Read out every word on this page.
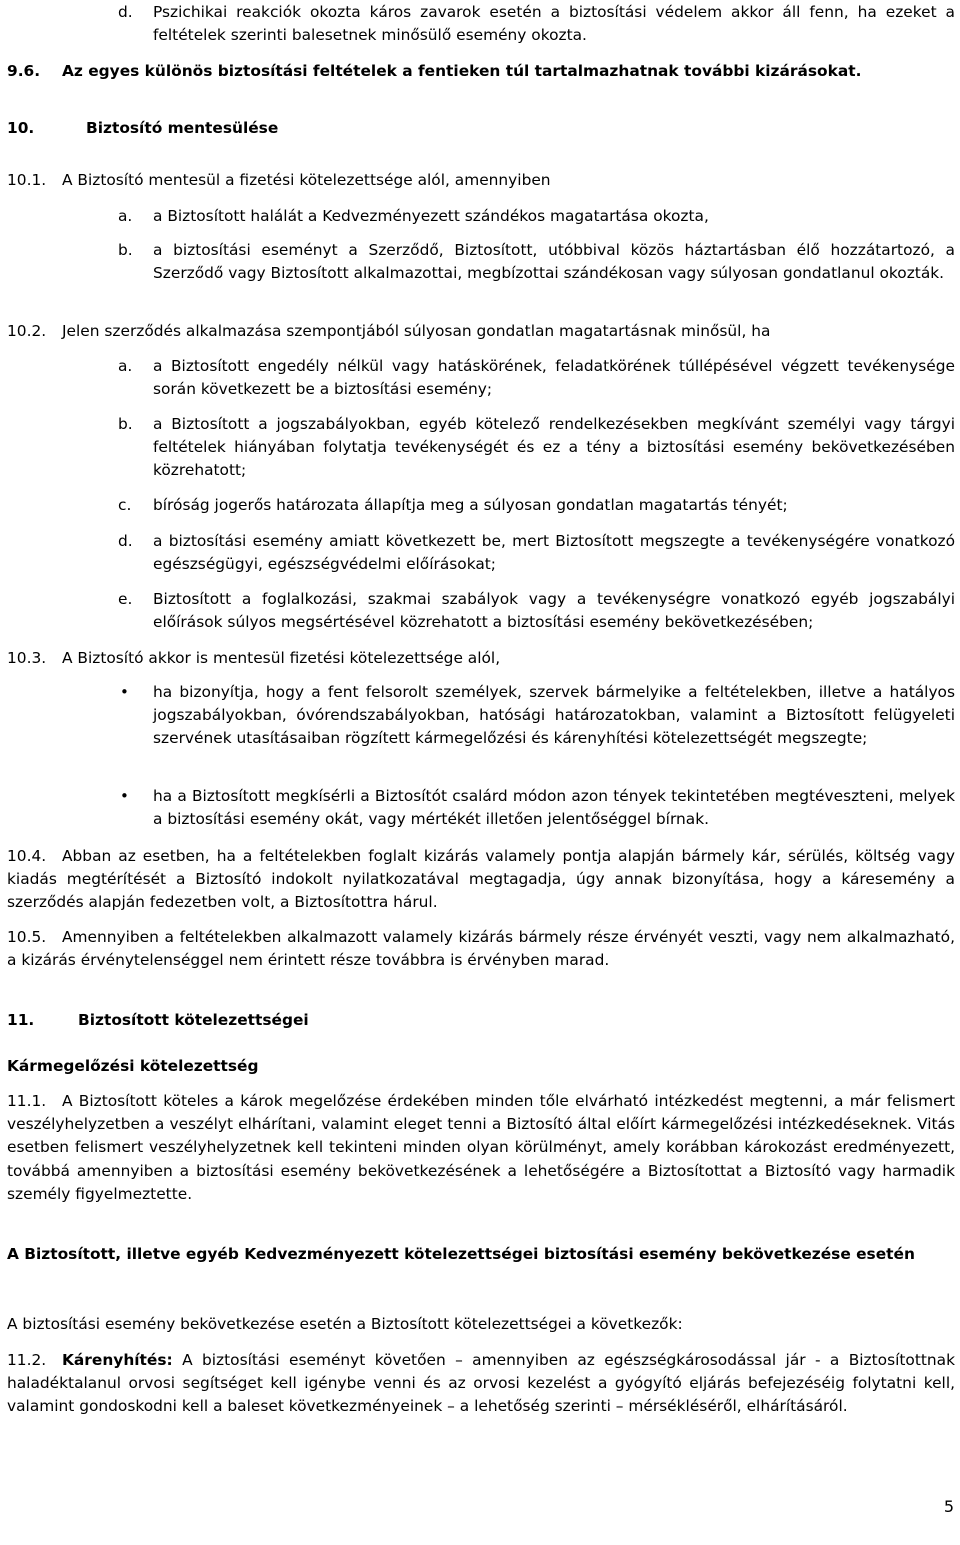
d. Pszichikai reakciók okozta káros zavarok esetén a biztosítási védelem akkor áll fenn, ha ezeket a feltételek szerinti balesetnek minősülő esemény okozta.
9.6. Az egyes különös biztosítási feltételek a fentieken túl tartalmazhatnak további kizárásokat.
10.	Biztosító mentesülése
10.1. A Biztosító mentesül a fizetési kötelezettsége alól, amennyiben
a. a Biztosított halálát a Kedvezményezett szándékos magatartása okozta,
b. a biztosítási eseményt a Szerződő, Biztosított, utóbbival közös háztartásban élő hozzátartozó, a Szerződő vagy Biztosított alkalmazottai, megbízottai szándékosan vagy súlyosan gondatlanul okozták.
10.2. Jelen szerződés alkalmazása szempontjából súlyosan gondatlan magatartásnak minősül, ha
a. a Biztosított engedély nélkül vagy hatáskörének, feladatkörének túllépésével végzett tevékenysége során következett be a biztosítási esemény;
b. a Biztosított a jogszabályokban, egyéb kötelező rendelkezésekben megkívánt személyi vagy tárgyi feltételek hiányában folytatja tevékenységét és ez a tény a biztosítási esemény bekövetkezésében közrehatott;
c. bíróság jogerős határozata állapítja meg a súlyosan gondatlan magatartás tényét;
d. a biztosítási esemény amiatt következett be, mert Biztosított megszegte a tevékenységére vonatkozó egészségügyi, egészségvédelmi előírásokat;
e. Biztosított a foglalkozási, szakmai szabályok vagy a tevékenységre vonatkozó egyéb jogszabályi előírások súlyos megsértésével közrehatott a biztosítási esemény bekövetkezésében;
10.3. A Biztosító akkor is mentesül fizetési kötelezettsége alól,
• ha bizonyítja, hogy a fent felsorolt személyek, szervek bármelyike a feltételekben, illetve a hatályos jogszabályokban, óvórendszabályokban, hatósági határozatokban, valamint a Biztosított felügyeleti szervének utasításaiban rögzített kármegelőzési és kárenyhítési kötelezettségét megszegte;
• ha a Biztosított megkísérli a Biztosítót csalárd módon azon tények tekintetében megtéveszteni, melyek a biztosítási esemény okát, vagy mértékét illetően jelentőséggel bírnak.
10.4.	Abban az esetben, ha a feltételekben foglalt kizárás valamely pontja alapján bármely kár, sérülés, költség vagy kiadás megtérítését a Biztosító indokolt nyilatkozatával megtagadja, úgy annak bizonyítása, hogy a káresemény a szerződés alapján fedezetben volt, a Biztosítottra hárul.
10.5.	Amennyiben a feltételekben alkalmazott valamely kizárás bármely része érvényét veszti, vagy nem alkalmazható, a kizárás érvénytelenséggel nem érintett része továbbra is érvényben marad.
11.	Biztosított kötelezettségei
Kármegelőzési kötelezettség
11.1.	A Biztosított köteles a károk megelőzése érdekében minden tőle elvárható intézkedést megtenni, a már felismert veszélyhelyzetben a veszélyt elhárítani, valamint eleget tenni a Biztosító által előírt kármegelőzési intézkedéseknek. Vitás esetben felismert veszélyhelyzetnek kell tekinteni minden olyan körülményt, amely korábban károkozást eredményezett, továbbá amennyiben a biztosítási esemény bekövetkezésének a lehetőségére a Biztosítottat a Biztosító vagy harmadik személy figyelmeztette.
A Biztosított, illetve egyéb Kedvezményezett kötelezettségei biztosítási esemény bekövetkezése esetén
A biztosítási esemény bekövetkezése esetén a Biztosított kötelezettségei a következők:
11.2.	Kárenyhítés: A biztosítási eseményt követően – amennyiben az egészségkárosodással jár - a Biztosítottnak haladéktalanul orvosi segítséget kell igénybe venni és az orvosi kezelést a gyógyító eljárás befejezéséig folytatni kell, valamint gondoskodni kell a baleset következményeinek – a lehetőség szerinti – mérsékléséről, elhárításáról.
5
